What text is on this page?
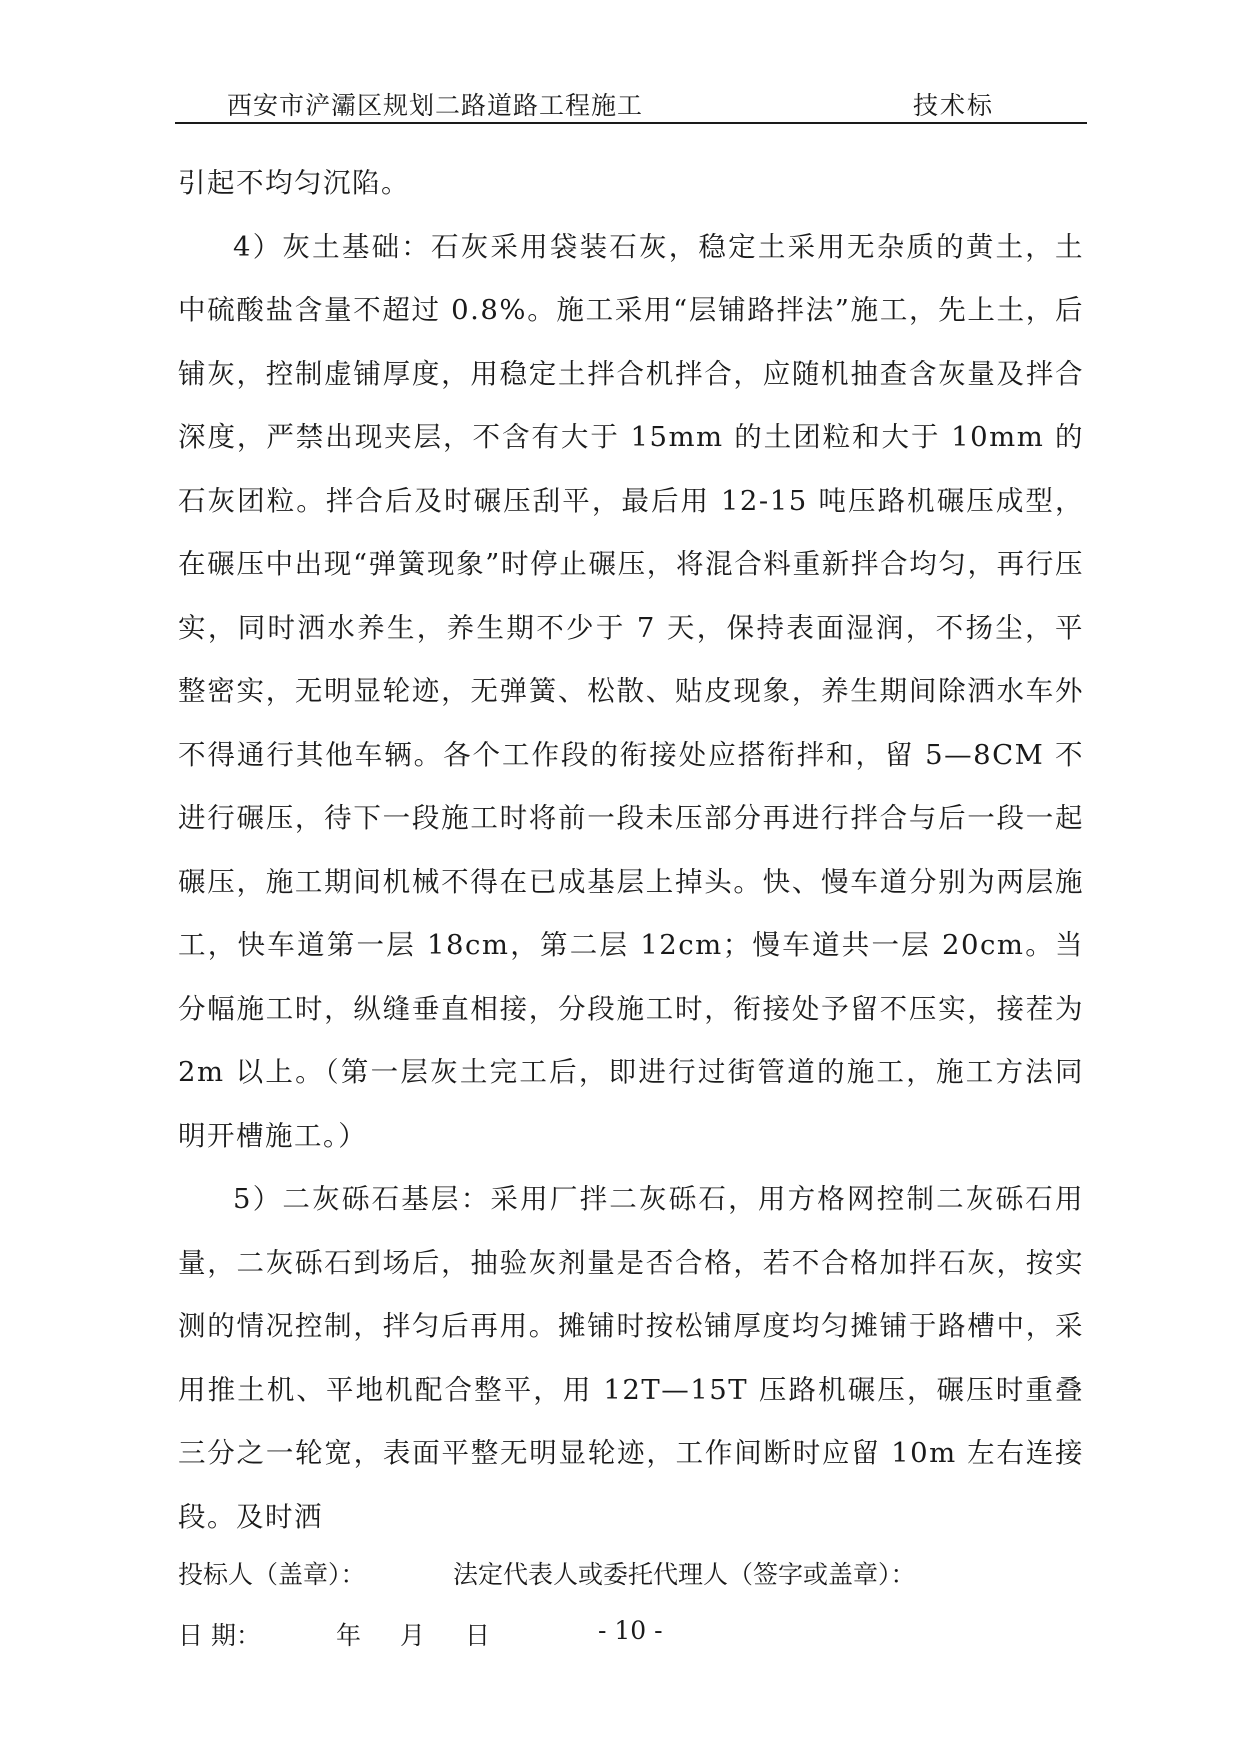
西安市浐灞区规划二路道路工程施工	技术标

引起不均匀沉陷。

4）灰土基础：石灰采用袋装石灰，稳定土采用无杂质的黄土，土中硫酸盐含量不超过 0.8%。施工采用“层铺路拌法”施工，先上土，后铺灰，控制虚铺厚度，用稳定土拌合机拌合，应随机抽查含灰量及拌合深度，严禁出现夹层，不含有大于 15mm 的土团粒和大于 10mm 的石灰团粒。拌合后及时碾压刮平，最后用 12-15 吨压路机碾压成型，在碾压中出现“弹簧现象”时停止碾压，将混合料重新拌合均匀，再行压实，同时洒水养生，养生期不少于 7 天，保持表面湿润，不扬尘，平整密实，无明显轮迹，无弹簧、松散、贴皮现象，养生期间除洒水车外不得通行其他车辆。各个工作段的衔接处应搭衔拌和，留 5—8CM 不进行碾压，待下一段施工时将前一段未压部分再进行拌合与后一段一起碾压，施工期间机械不得在已成基层上掉头。快、慢车道分别为两层施工，快车道第一层 18cm，第二层 12cm；慢车道共一层 20cm。当分幅施工时，纵缝垂直相接，分段施工时，衔接处予留不压实，接茬为 2m 以上。（第一层灰土完工后，即进行过街管道的施工，施工方法同明开槽施工。）

5）二灰砾石基层：采用厂拌二灰砾石，用方格网控制二灰砾石用量，二灰砾石到场后，抽验灰剂量是否合格，若不合格加拌石灰，按实测的情况控制，拌匀后再用。摊铺时按松铺厚度均匀摊铺于路槽中，采用推土机、平地机配合整平，用 12T—15T 压路机碾压，碾压时重叠三分之一轮宽，表面平整无明显轮迹，工作间断时应留 10m 左右连接段。及时洒

投标人（盖章）：	法定代表人或委托代理人（签字或盖章）：
日 期：	年 月 日	- 10 -
